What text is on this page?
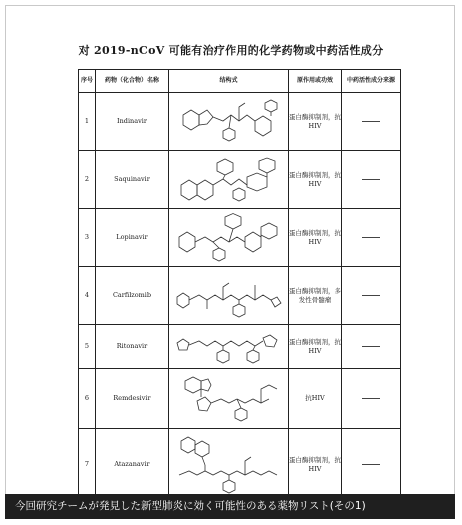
对 2019-nCoV 可能有治疗作用的化学药物或中药活性成分
序号	药物（化合物）名称	结构式	原作用或功效	中药活性成分来源
1	Indinavir		蛋白酶抑制剂，抗HIV	
2	Saquinavir		蛋白酶抑制剂，抗HIV	
3	Lopinavir		蛋白酶抑制剂，抗HIV	
4	Carfilzomib		蛋白酶抑制剂，多发性骨髓瘤	
5	Ritonavir		蛋白酶抑制剂，抗HIV	
6	Remdesivir		抗HIV	
7	Atazanavir		蛋白酶抑制剂，抗HIV	
今回研究チームが発見した新型肺炎に効く可能性のある薬物リスト(その1)
